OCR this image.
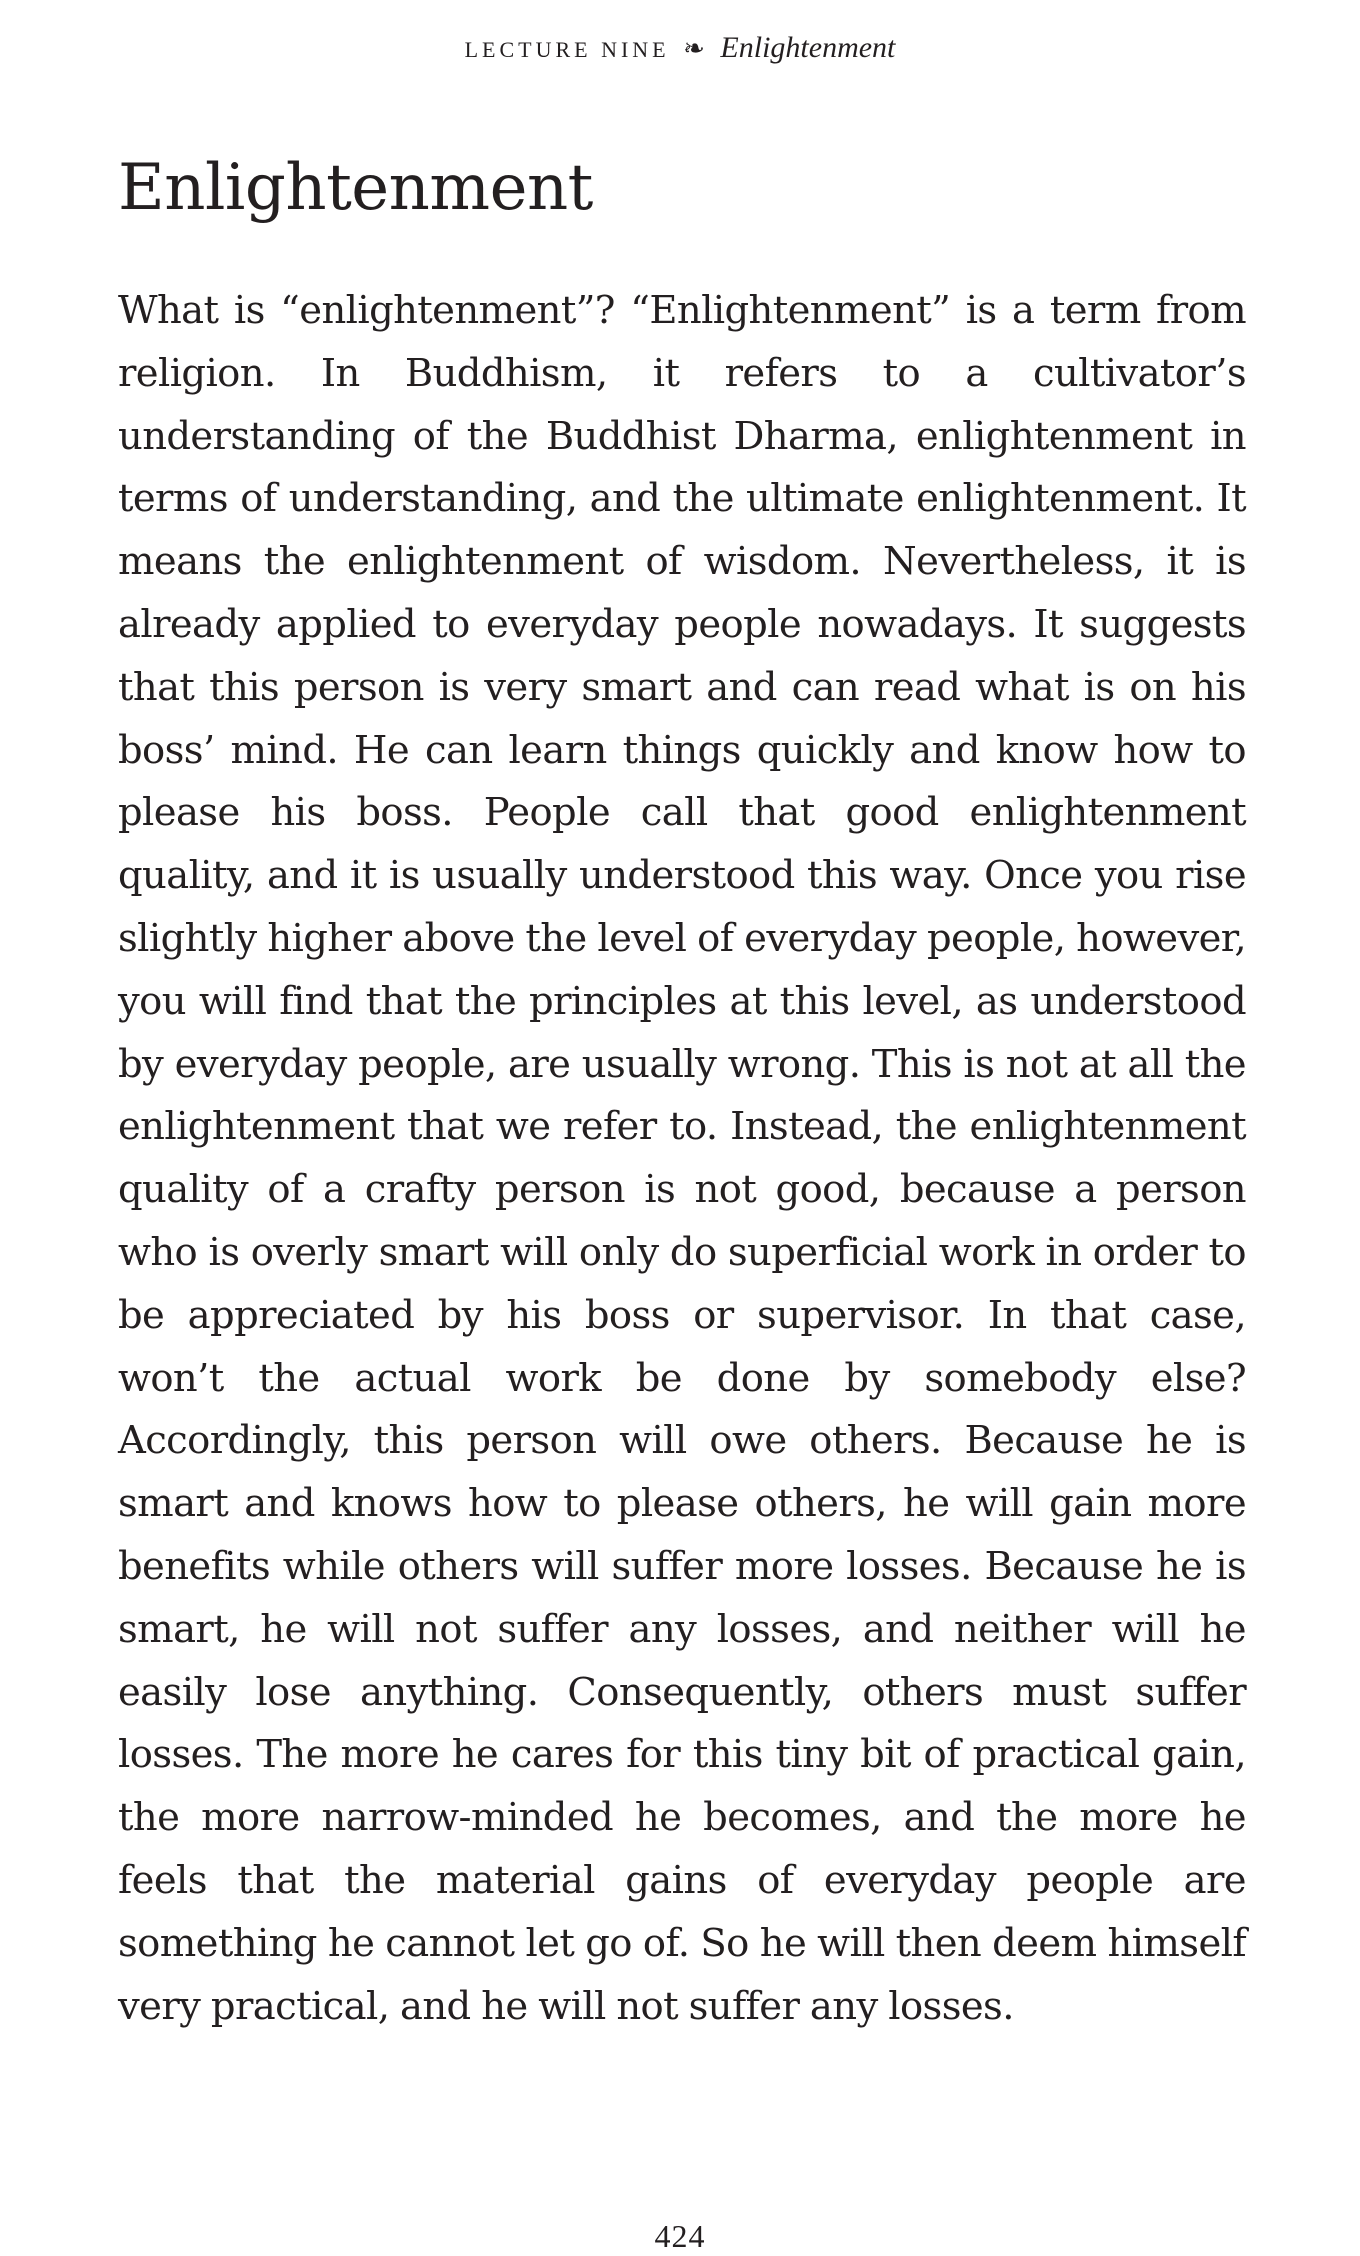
LECTURE NINE ❧ Enlightenment
Enlightenment

What is “enlightenment”? “Enlightenment” is a term from religion. In Buddhism, it refers to a cultivator’s understanding of the Buddhist Dharma, enlightenment in terms of understanding, and the ultimate enlightenment. It means the enlightenment of wisdom. Nevertheless, it is already applied to everyday people nowadays. It suggests that this person is very smart and can read what is on his boss’ mind. He can learn things quickly and know how to please his boss. People call that good enlightenment quality, and it is usually understood this way. Once you rise slightly higher above the level of everyday people, however, you will find that the principles at this level, as understood by everyday people, are usually wrong. This is not at all the enlightenment that we refer to. Instead, the enlightenment quality of a crafty person is not good, because a person who is overly smart will only do superficial work in order to be appreciated by his boss or supervisor. In that case, won’t the actual work be done by somebody else? Accordingly, this person will owe others. Because he is smart and knows how to please others, he will gain more benefits while others will suffer more losses. Because he is smart, he will not suffer any losses, and neither will he easily lose anything. Consequently, others must suffer losses. The more he cares for this tiny bit of practical gain, the more narrow-minded he becomes, and the more he feels that the material gains of everyday people are something he cannot let go of. So he will then deem himself very practical, and he will not suffer any losses.

424
